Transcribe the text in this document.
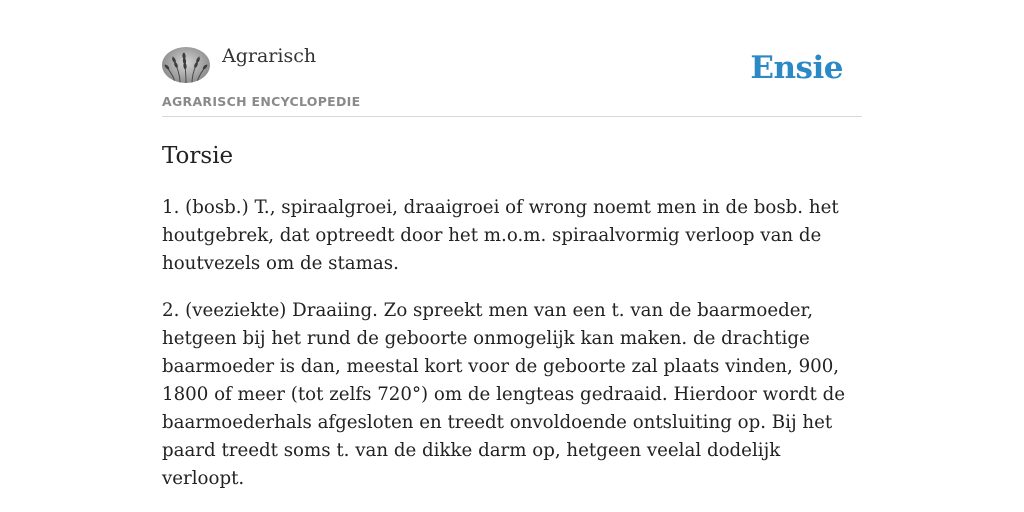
Agrarisch
AGRARISCH ENCYCLOPEDIE
Ensie
Torsie

1. (bosb.) T., spiraalgroei, draaigroei of wrong noemt men in de bosb. het houtgebrek, dat optreedt door het m.o.m. spiraalvormig verloop van de houtvezels om de stamas.

2. (veeziekte) Draaiing. Zo spreekt men van een t. van de baarmoeder, hetgeen bij het rund de geboorte onmogelijk kan maken. de drachtige baarmoeder is dan, meestal kort voor de geboorte zal plaats vinden, 900, 1800 of meer (tot zelfs 720°) om de lengteas gedraaid. Hierdoor wordt de baarmoederhals afgesloten en treedt onvoldoende ontsluiting op. Bij het paard treedt soms t. van de dikke darm op, hetgeen veelal dodelijk verloopt.
